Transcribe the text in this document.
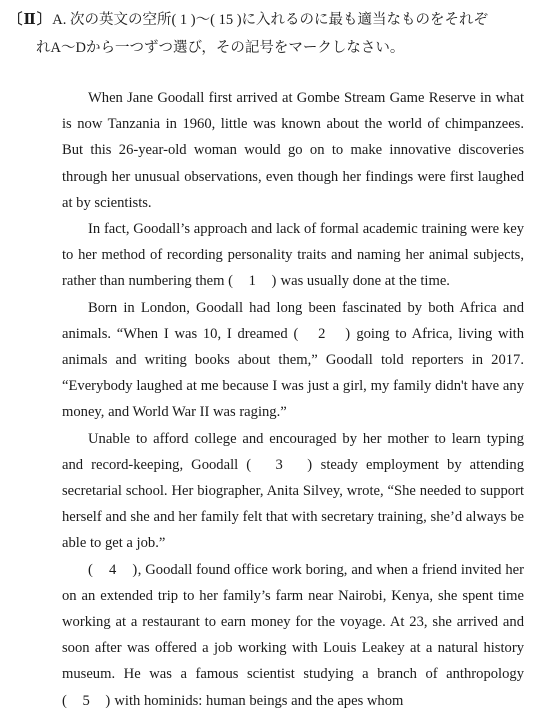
〔Ⅱ〕A. 次の英文の空所( 1 )～( 15 )に入れるのに最も適当なものをそれぞ
れA～Dから一つずつ選び，その記号をマークしなさい。

When Jane Goodall first arrived at Gombe Stream Game Reserve in what is now Tanzania in 1960, little was known about the world of chimpanzees. But this 26-year-old woman would go on to make innovative discoveries through her unusual observations, even though her findings were first laughed at by scientists.

In fact, Goodall’s approach and lack of formal academic training were key to her method of recording personality traits and naming her animal subjects, rather than numbering them (　1　) was usually done at the time.

Born in London, Goodall had long been fascinated by both Africa and animals. “When I was 10, I dreamed (　2　) going to Africa, living with animals and writing books about them,” Goodall told reporters in 2017. “Everybody laughed at me because I was just a girl, my family didn't have any money, and World War II was raging.”

Unable to afford college and encouraged by her mother to learn typing and record-keeping, Goodall (　3　) steady employment by attending secretarial school. Her biographer, Anita Silvey, wrote, “She needed to support herself and she and her family felt that with secretary training, she’d always be able to get a job.”

(　4　), Goodall found office work boring, and when a friend invited her on an extended trip to her family’s farm near Nairobi, Kenya, she spent time working at a restaurant to earn money for the voyage. At 23, she arrived and soon after was offered a job working with Louis Leakey at a natural history museum. He was a famous scientist studying a branch of anthropology (　5　) with hominids: human beings and the apes whom
